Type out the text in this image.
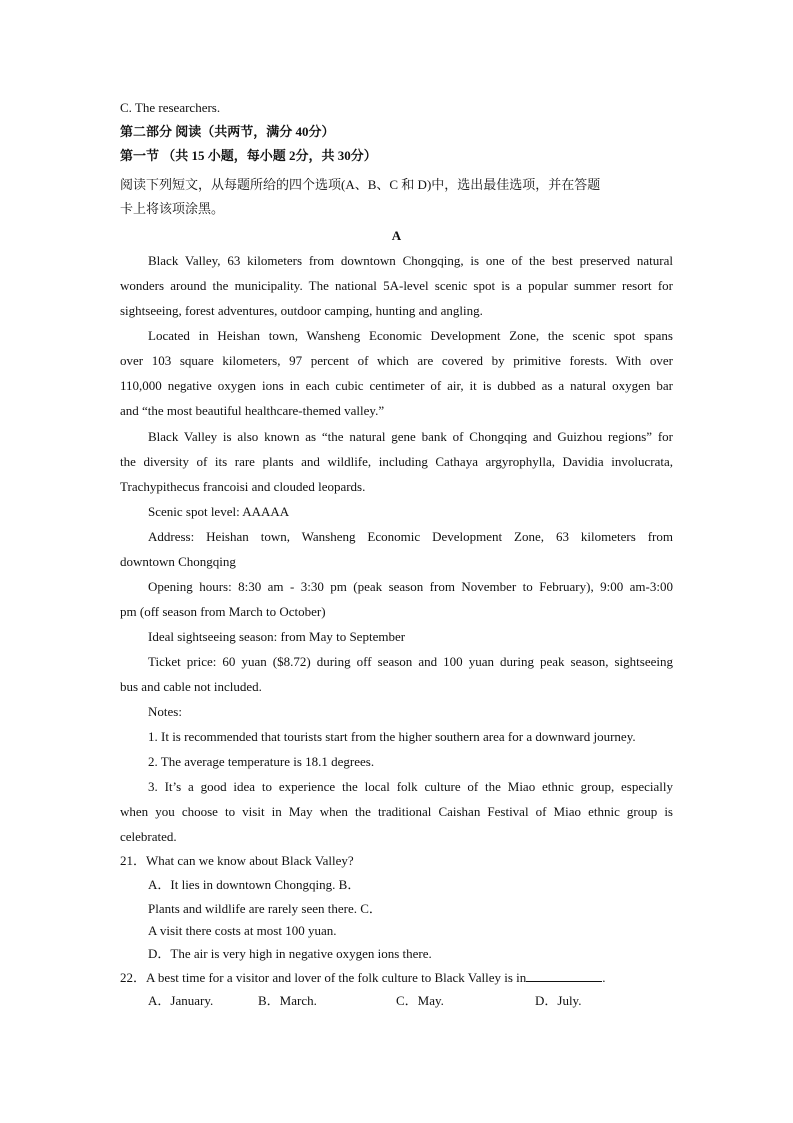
C. The researchers.
第二部分 阅读（共两节，满分 40分）
第一节 （共 15 小题，每小题 2分，共 30分）
阅读下列短文，从每题所给的四个选项(A、B、C 和 D)中，选出最佳选项，并在答题
卡上将该项涂黑。
A
Black Valley, 63 kilometers from downtown Chongqing, is one of the best preserved natural
wonders around the municipality. The national 5A-level scenic spot is a popular summer resort for
sightseeing, forest adventures, outdoor camping, hunting and angling.
Located in Heishan town, Wansheng Economic Development Zone, the scenic spot spans
over 103 square kilometers, 97 percent of which are covered by primitive forests. With over
110,000 negative oxygen ions in each cubic centimeter of air, it is dubbed as a natural oxygen bar
and “the most beautiful healthcare-themed valley.”
Black Valley is also known as “the natural gene bank of Chongqing and Guizhou regions” for
the diversity of its rare plants and wildlife, including Cathaya argyrophylla, Davidia involucrata,
Trachypithecus francoisi and clouded leopards.
Scenic spot level: AAAAA
Address: Heishan town, Wansheng Economic Development Zone, 63 kilometers from
downtown Chongqing
Opening hours: 8:30 am - 3:30 pm (peak season from November to February), 9:00 am-3:00
pm (off season from March to October)
Ideal sightseeing season: from May to September
Ticket price: 60 yuan ($8.72) during off season and 100 yuan during peak season, sightseeing
bus and cable not included.
Notes:
1. It is recommended that tourists start from the higher southern area for a downward journey.
2. The average temperature is 18.1 degrees.
3. It’s a good idea to experience the local folk culture of the Miao ethnic group, especially
when you choose to visit in May when the traditional Caishan Festival of Miao ethnic group is
celebrated.
21．What can we know about Black Valley?
A．It lies in downtown Chongqing. B．
Plants and wildlife are rarely seen there. C．
A visit there costs at most 100 yuan.
D．The air is very high in negative oxygen ions there.
22．A best time for a visitor and lover of the folk culture to Black Valley is in	.
A．January.	B．March.	C．May.	D．July.
